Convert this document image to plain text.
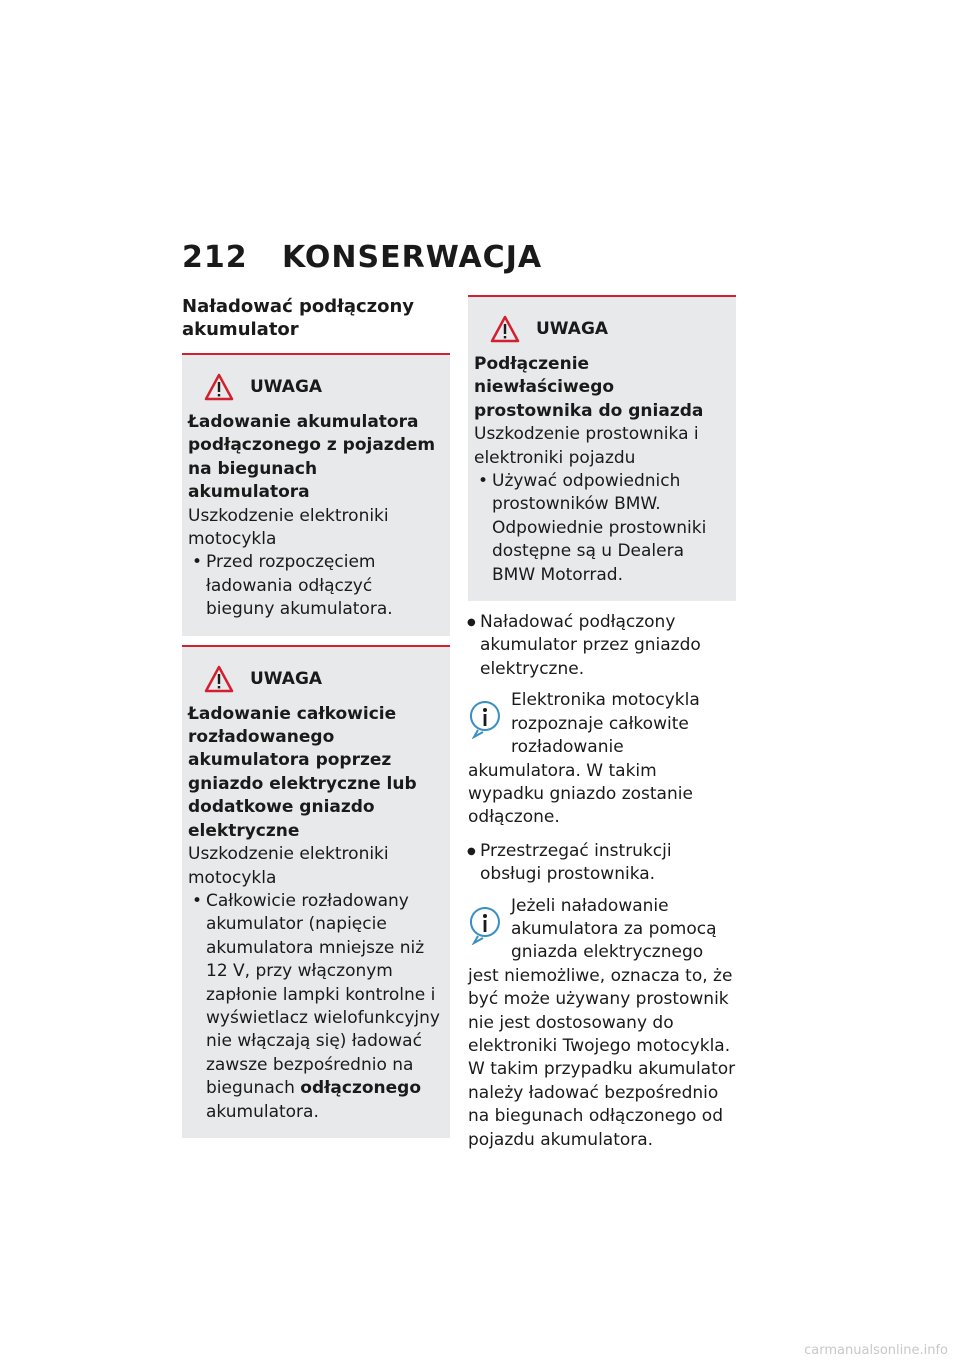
212 KONSERWACJA
Naładować podłączony akumulator
UWAGA
Ładowanie akumulatora podłączonego z pojazdem na biegunach akumulatora
Uszkodzenie elektroniki motocykla
• Przed rozpoczęciem ładowania odłączyć bieguny akumulatora.
UWAGA
Ładowanie całkowicie rozładowanego akumulatora poprzez gniazdo elektryczne lub dodatkowe gniazdo elektryczne
Uszkodzenie elektroniki motocykla
• Całkowicie rozładowany akumulator (napięcie akumulatora mniejsze niż 12 V, przy włączonym zapłonie lampki kontrolne i wyświetlacz wielofunkcyjny nie włączają się) ładować zawsze bezpośrednio na biegunach odłączonego akumulatora.
UWAGA
Podłączenie niewłaściwego prostownika do gniazda
Uszkodzenie prostownika i elektroniki pojazdu
• Używać odpowiednich prostowników BMW. Odpowiednie prostowniki dostępne są u Dealera BMW Motorrad.
● Naładować podłączony akumulator przez gniazdo elektryczne.
Elektronika motocykla rozpoznaje całkowite rozładowanie akumulatora. W takim wypadku gniazdo zostanie odłączone.
● Przestrzegać instrukcji obsługi prostownika.
Jeżeli naładowanie akumulatora za pomocą gniazda elektrycznego jest niemożliwe, oznacza to, że być może używany prostownik nie jest dostosowany do elektroniki Twojego motocykla. W takim przypadku akumulator należy ładować bezpośrednio na biegunach odłączonego od pojazdu akumulatora.
carmanualsonline.info
